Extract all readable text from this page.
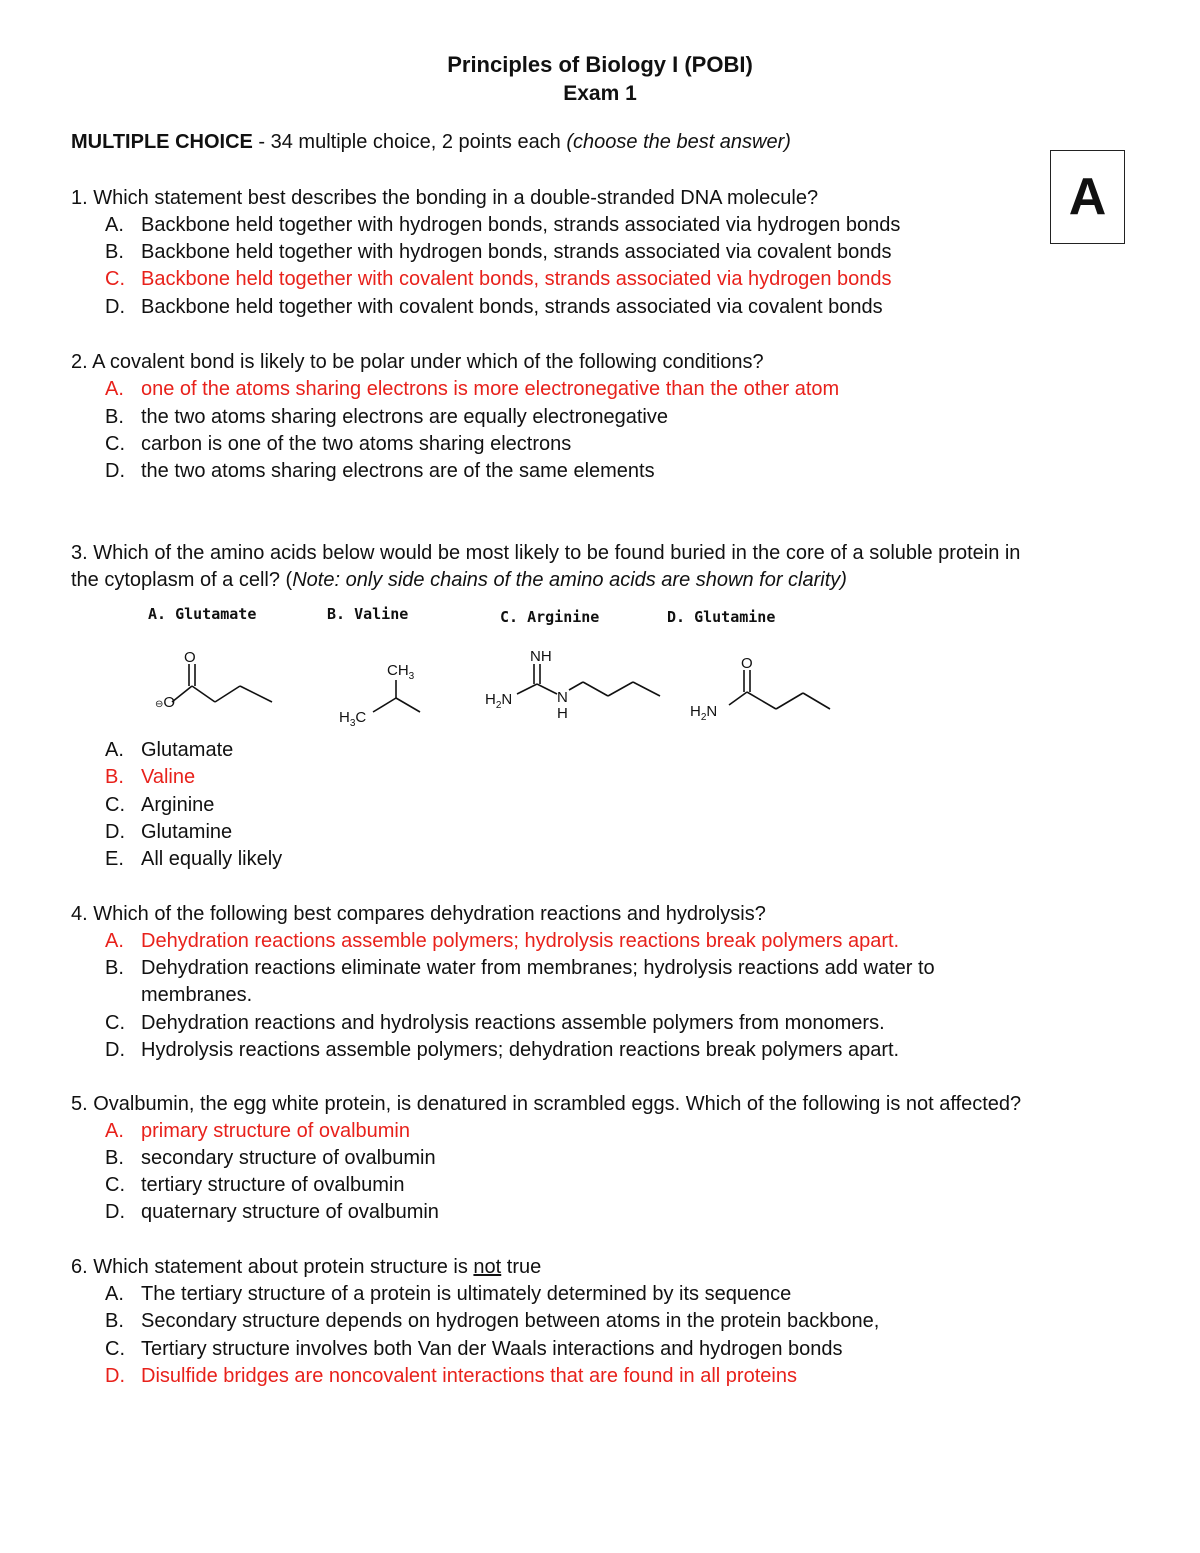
Principles of Biology I (POBI)
Exam 1
A
MULTIPLE CHOICE - 34 multiple choice, 2 points each (choose the best answer)
1. Which statement best describes the bonding in a double-stranded DNA molecule?
A. Backbone held together with hydrogen bonds, strands associated via hydrogen bonds
B. Backbone held together with hydrogen bonds, strands associated via covalent bonds
C. Backbone held together with covalent bonds, strands associated via hydrogen bonds
D. Backbone held together with covalent bonds, strands associated via covalent bonds
2. A covalent bond is likely to be polar under which of the following conditions?
A. one of the atoms sharing electrons is more electronegative than the other atom
B. the two atoms sharing electrons are equally electronegative
C. carbon is one of the two atoms sharing electrons
D. the two atoms sharing electrons are of the same elements
3. Which of the amino acids below would be most likely to be found buried in the core of a soluble protein in
the cytoplasm of a cell? (Note: only side chains of the amino acids are shown for clarity)
A. Glutamate	B. Valine	C. Arginine	D. Glutamine
O
⊖O
$CH_3$
$H_3C$
NH
$H_2N$	N
H
O
$H_2N$
A. Glutamate
B. Valine
C. Arginine
D. Glutamine
E. All equally likely
4. Which of the following best compares dehydration reactions and hydrolysis?
A. Dehydration reactions assemble polymers; hydrolysis reactions break polymers apart.
B. Dehydration reactions eliminate water from membranes; hydrolysis reactions add water to
membranes.
C. Dehydration reactions and hydrolysis reactions assemble polymers from monomers.
D. Hydrolysis reactions assemble polymers; dehydration reactions break polymers apart.
5. Ovalbumin, the egg white protein, is denatured in scrambled eggs. Which of the following is not affected?
A. primary structure of ovalbumin
B. secondary structure of ovalbumin
C. tertiary structure of ovalbumin
D. quaternary structure of ovalbumin
6. Which statement about protein structure is not true
A. The tertiary structure of a protein is ultimately determined by its sequence
B. Secondary structure depends on hydrogen between atoms in the protein backbone,
C. Tertiary structure involves both Van der Waals interactions and hydrogen bonds
D. Disulfide bridges are noncovalent interactions that are found in all proteins
